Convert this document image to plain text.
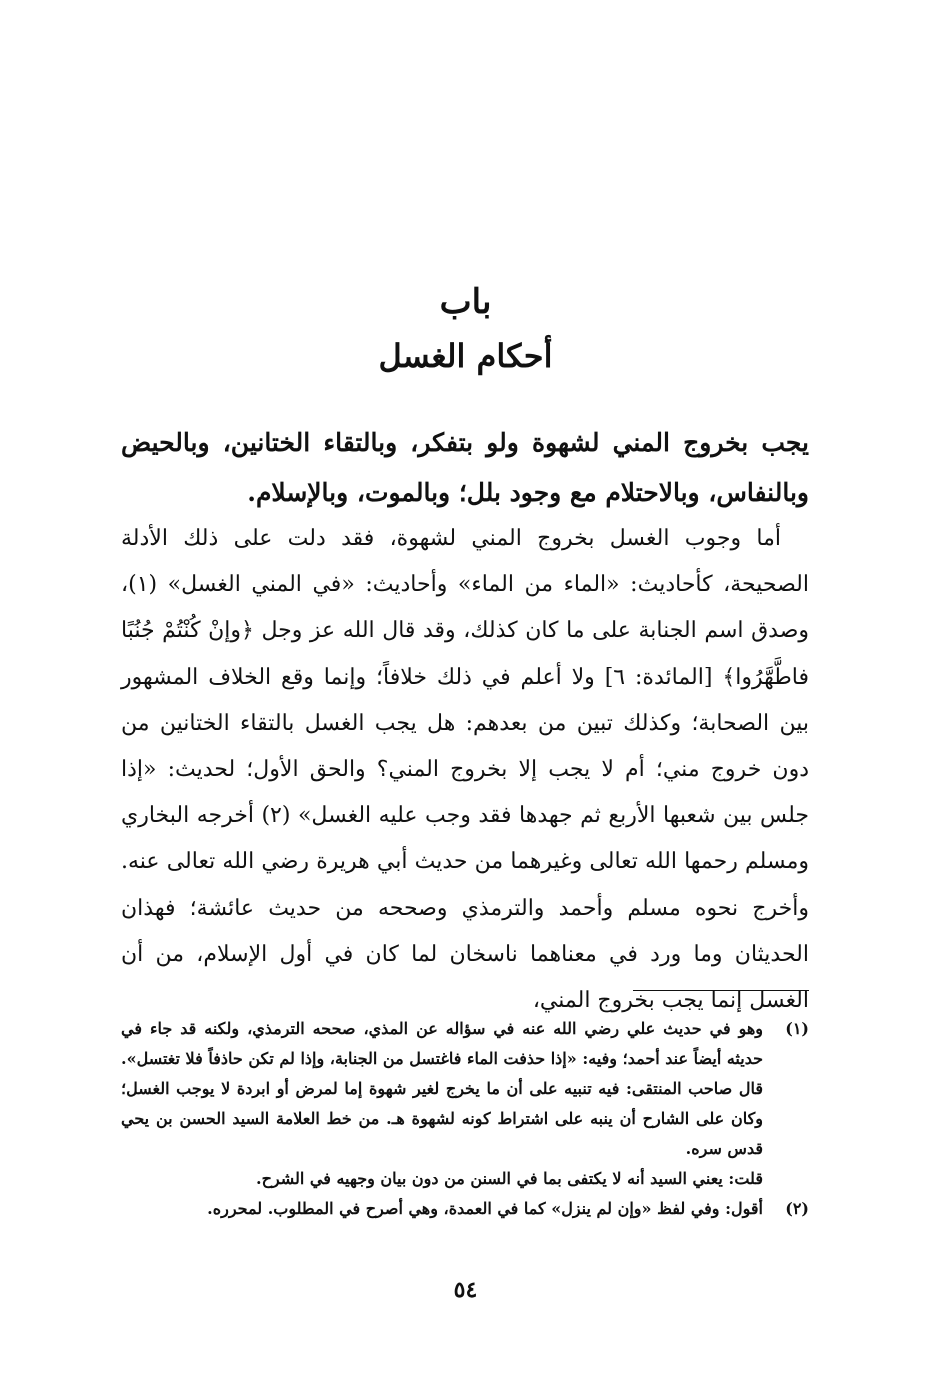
باب
أحكام الغسل

يجب بخروج المني لشهوة ولو بتفكر، وبالتقاء الختانين، وبالحيض وبالنفاس، وبالاحتلام مع وجود بلل؛ وبالموت، وبالإسلام.

أما وجوب الغسل بخروج المني لشهوة، فقد دلت على ذلك الأدلة الصحيحة، كأحاديث: «الماء من الماء» وأحاديث: «في المني الغسل» (١)، وصدق اسم الجنابة على ما كان كذلك، وقد قال الله عز وجل ﴿وإنْ كُنْتُمْ جُنُبًا فاطَّهَّرُوا﴾ [المائدة: ٦] ولا أعلم في ذلك خلافاً؛ وإنما وقع الخلاف المشهور بين الصحابة؛ وكذلك تبين من بعدهم: هل يجب الغسل بالتقاء الختانين من دون خروج مني؛ أم لا يجب إلا بخروج المني؟ والحق الأول؛ لحديث: «إذا جلس بين شعبها الأربع ثم جهدها فقد وجب عليه الغسل» (٢) أخرجه البخاري ومسلم رحمها الله تعالى وغيرهما من حديث أبي هريرة رضي الله تعالى عنه. وأخرج نحوه مسلم وأحمد والترمذي وصححه من حديث عائشة؛ فهذان الحديثان وما ورد في معناهما ناسخان لما كان في أول الإسلام، من أن الغسل إنما يجب بخروج المني،

(١)
وهو في حديث علي رضي الله عنه في سؤاله عن المذي، صححه الترمذي، ولكنه قد جاء في حديثه أيضاً عند أحمد؛ وفيه: «إذا حذفت الماء فاغتسل من الجنابة، وإذا لم تكن حاذفاً فلا تغتسل». قال صاحب المنتقى: فيه تنبيه على أن ما يخرج لغير شهوة إما لمرض أو ابردة لا يوجب الغسل؛ وكان على الشارح أن ينبه على اشتراط كونه لشهوة هـ. من خط العلامة السيد الحسن بن يحي قدس سره.
قلت: يعني السيد أنه لا يكتفى بما في السنن من دون بيان وجهيه في الشرح.
(٢)
أقول: وفي لفظ «وإن لم ينزل» كما في العمدة، وهي أصرح في المطلوب. لمحرره.
٥٤
